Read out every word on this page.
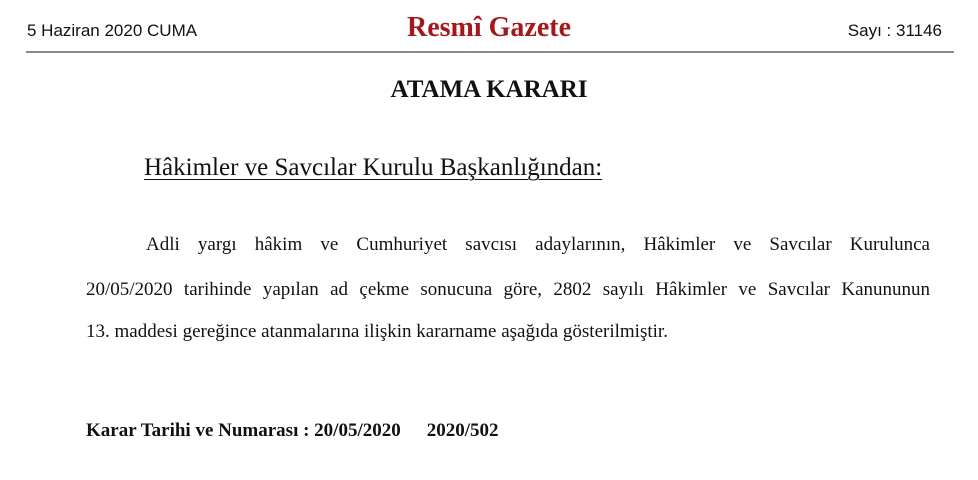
5 Haziran 2020 CUMA	Resmî Gazete	Sayı : 31146
ATAMA KARARI
Hâkimler ve Savcılar Kurulu Başkanlığından:
Adli yargı hâkim ve Cumhuriyet savcısı adaylarının, Hâkimler ve Savcılar Kurulunca
20/05/2020 tarihinde yapılan ad çekme sonucuna göre, 2802 sayılı Hâkimler ve Savcılar Kanununun
13. maddesi gereğince atanmalarına ilişkin kararname aşağıda gösterilmiştir.
Karar Tarihi ve Numarası : 20/05/2020 2020/502
